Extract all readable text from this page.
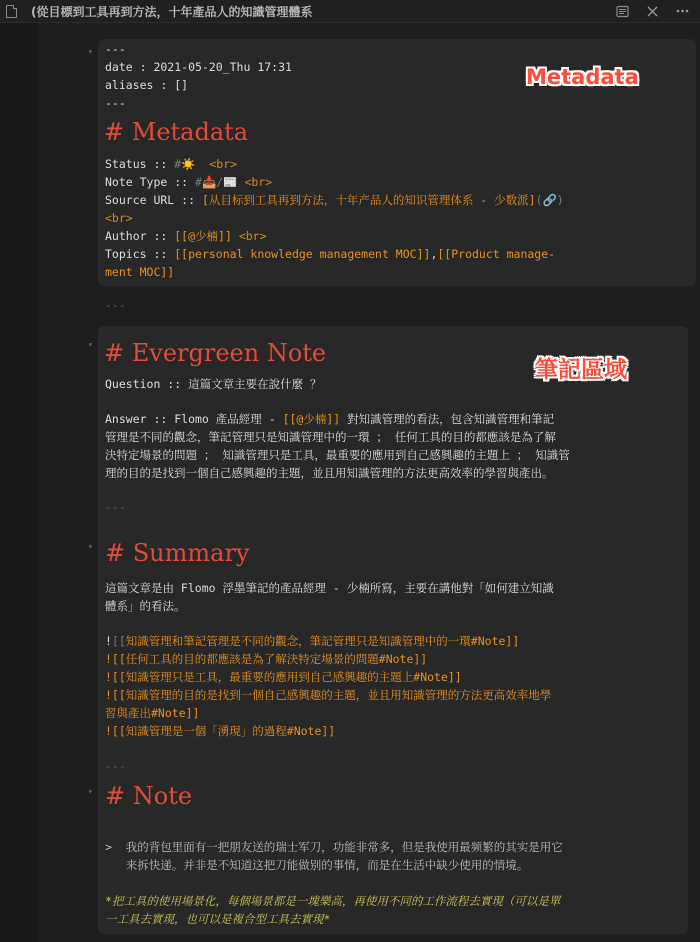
(從目標到工具再到方法，十年產品人的知識管理體系
▾ ---
date : 2021-05-20_Thu 17:31
aliases : []
---
# Metadata
Status :: #☀️ <br>
Note Type :: #📥/📰 <br>
Source URL :: [从目标到工具再到方法，十年产品人的知识管理体系 - 少数派](🔗)
<br>
Author :: [[@少楠]] <br>
Topics :: [[personal knowledge management MOC]],[[Product manage-
ment MOC]]
Metadata
---
▾ # Evergreen Note
筆記區域
Question :: 這篇文章主要在說什麼 ？
Answer :: Flomo 產品經理 - [[@少楠]] 對知識管理的看法，包含知識管理和筆記
管理是不同的觀念，筆記管理只是知識管理中的一環 ； 任何工具的目的都應該是為了解
決特定場景的問題 ； 知識管理只是工具，最重要的應用到自己感興趣的主題上 ； 知識管
理的目的是找到一個自己感興趣的主題，並且用知識管理的方法更高效率的學習與產出。
---
▾ # Summary
這篇文章是由 Flomo 浮墨筆記的產品經理 - 少楠所寫，主要在講他對「如何建立知識
體系」的看法。
![[知識管理和筆記管理是不同的觀念，筆記管理只是知識管理中的一環#Note]]
![[任何工具的目的都應該是為了解決特定場景的問題#Note]]
![[知識管理只是工具，最重要的應用到自己感興趣的主題上#Note]]
![[知識管理的目的是找到一個自己感興趣的主題，並且用知識管理的方法更高效率地學
習與產出#Note]]
![[知識管理是一個「湧現」的過程#Note]]
---
▾ # Note
>  我的背包里面有一把朋友送的瑞士军刀，功能非常多，但是我使用最频繁的其实是用它
来拆快递。并非是不知道这把刀能做别的事情，而是在生活中缺少使用的情境。
*把工具的使用場景化，每個場景都是一塊樂高，再使用不同的工作流程去實現（可以是單
一工具去實現，也可以是複合型工具去實現*
